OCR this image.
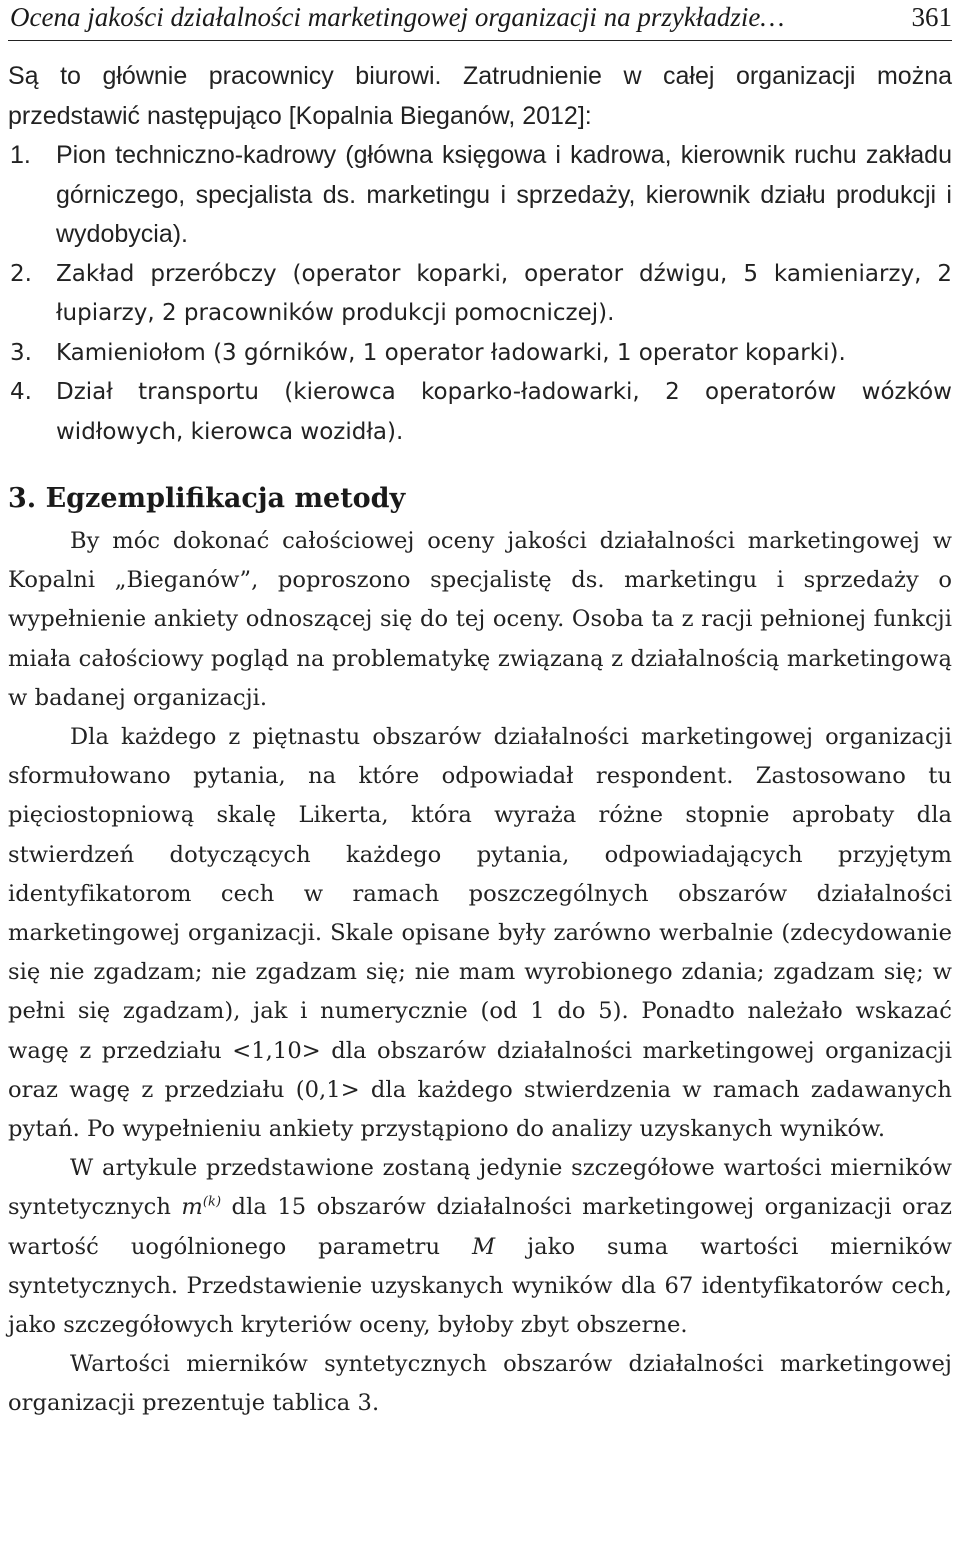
Ocena jakości działalności marketingowej organizacji na przykładzie…	361

Są to głównie pracownicy biurowi. Zatrudnienie w całej organizacji można przedstawić następująco [Kopalnia Bieganów, 2012]:

1. Pion techniczno-kadrowy (główna księgowa i kadrowa, kierownik ruchu zakładu górniczego, specjalista ds. marketingu i sprzedaży, kierownik działu produkcji i wydobycia).
2. Zakład przeróbczy (operator koparki, operator dźwigu, 5 kamieniarzy, 2 łupiarzy, 2 pracowników produkcji pomocniczej).
3. Kamieniołom (3 górników, 1 operator ładowarki, 1 operator koparki).
4. Dział transportu (kierowca koparko-ładowarki, 2 operatorów wózków widłowych, kierowca wozidła).
3. Egzemplifikacja metody

By móc dokonać całościowej oceny jakości działalności marketingowej w Kopalni „Bieganów”, poproszono specjalistę ds. marketingu i sprzedaży o wypełnienie ankiety odnoszącej się do tej oceny. Osoba ta z racji pełnionej funkcji miała całościowy pogląd na problematykę związaną z działalnością marketingową w badanej organizacji.

Dla każdego z piętnastu obszarów działalności marketingowej organizacji sformułowano pytania, na które odpowiadał respondent. Zastosowano tu pięciostopniową skalę Likerta, która wyraża różne stopnie aprobaty dla stwierdzeń dotyczących każdego pytania, odpowiadających przyjętym identyfikatorom cech w ramach poszczególnych obszarów działalności marketingowej organizacji. Skale opisane były zarówno werbalnie (zdecydowanie się nie zgadzam; nie zgadzam się; nie mam wyrobionego zdania; zgadzam się; w pełni się zgadzam), jak i numerycznie (od 1 do 5). Ponadto należało wskazać wagę z przedziału <1,10> dla obszarów działalności marketingowej organizacji oraz wagę z przedziału (0,1> dla każdego stwierdzenia w ramach zadawanych pytań. Po wypełnieniu ankiety przystąpiono do analizy uzyskanych wyników.

W artykule przedstawione zostaną jedynie szczegółowe wartości mierników syntetycznych $m^{(k)}$ dla 15 obszarów działalności marketingowej organizacji oraz wartość uogólnionego parametru M jako suma wartości mierników syntetycznych. Przedstawienie uzyskanych wyników dla 67 identyfikatorów cech, jako szczegółowych kryteriów oceny, byłoby zbyt obszerne.

Wartości mierników syntetycznych obszarów działalności marketingowej organizacji prezentuje tablica 3.
